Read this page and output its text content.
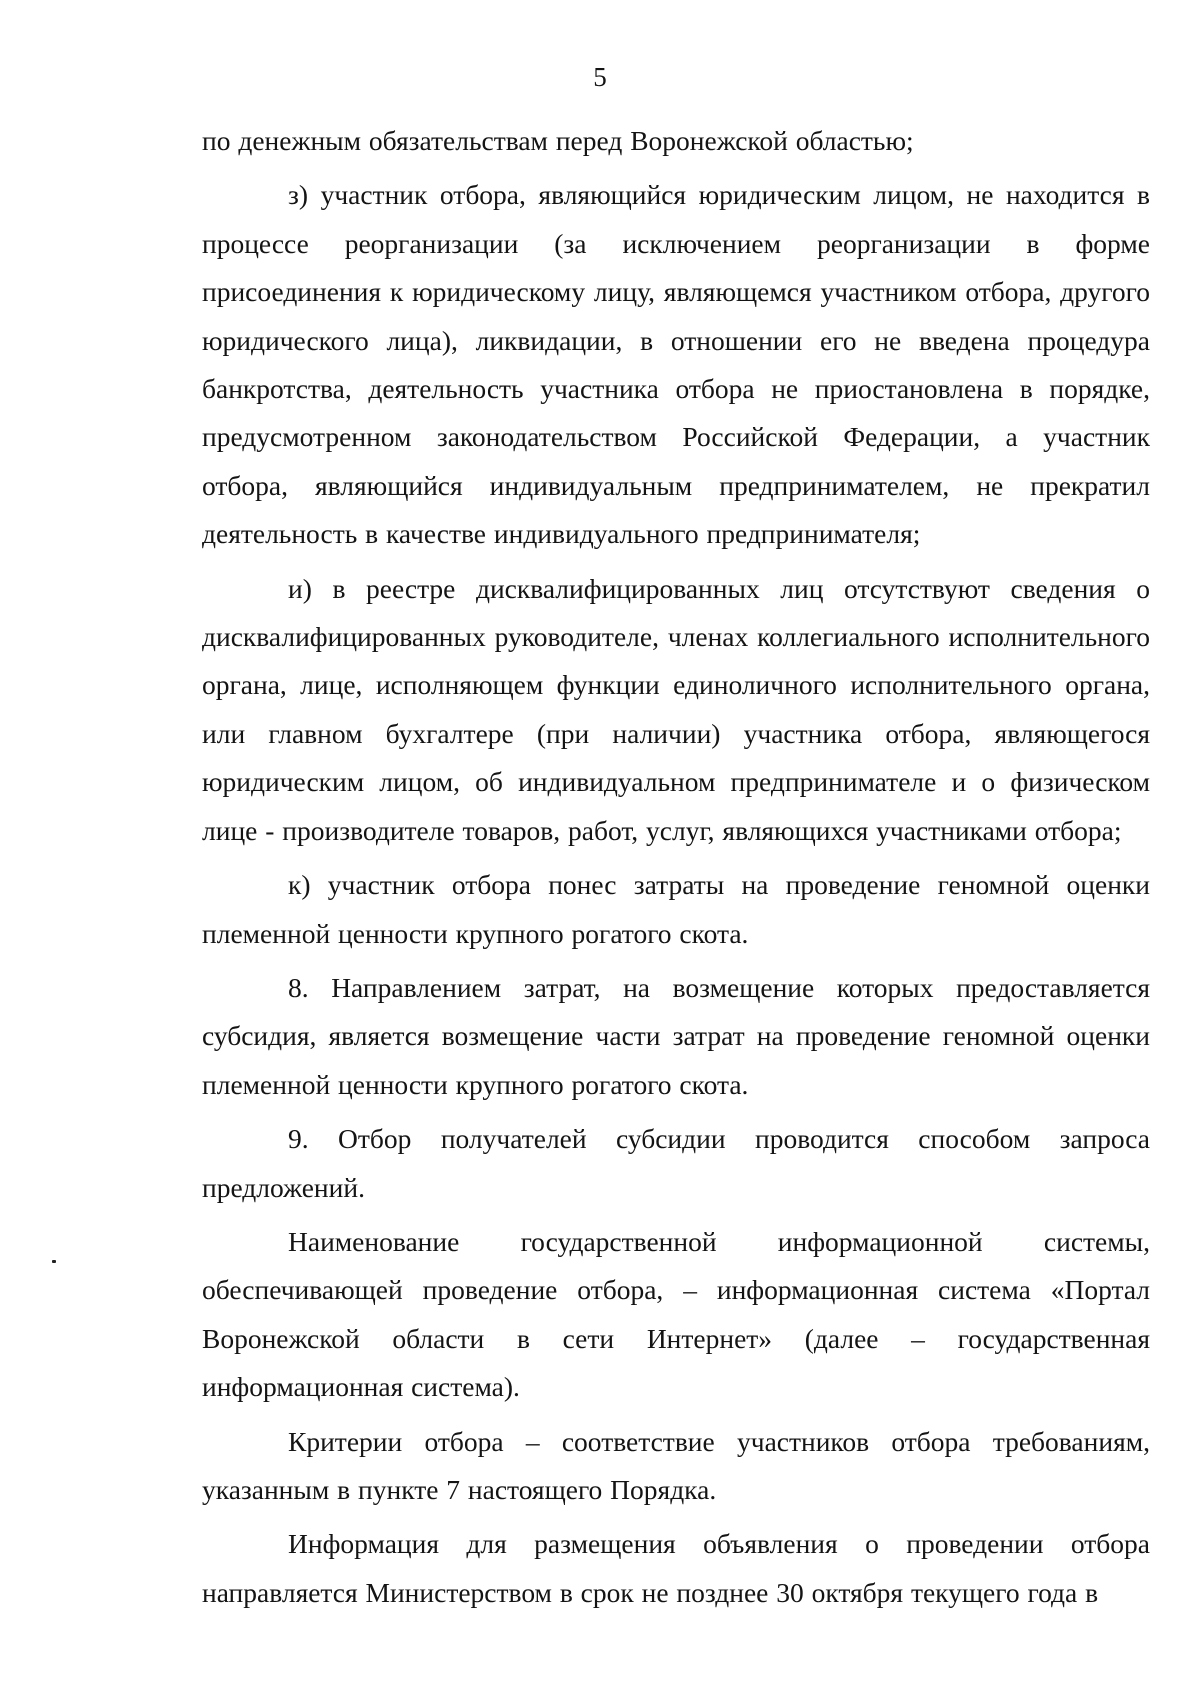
5

по денежным обязательствам перед Воронежской областью;

з) участник отбора, являющийся юридическим лицом, не находится в процессе реорганизации (за исключением реорганизации в форме присоединения к юридическому лицу, являющемся участником отбора, другого юридического лица), ликвидации, в отношении его не введена процедура банкротства, деятельность участника отбора не приостановлена в порядке, предусмотренном законодательством Российской Федерации, а участник отбора, являющийся индивидуальным предпринимателем, не прекратил деятельность в качестве индивидуального предпринимателя;

и) в реестре дисквалифицированных лиц отсутствуют сведения о дисквалифицированных руководителе, членах коллегиального исполнительного органа, лице, исполняющем функции единоличного исполнительного органа, или главном бухгалтере (при наличии) участника отбора, являющегося юридическим лицом, об индивидуальном предпринимателе и о физическом лице - производителе товаров, работ, услуг, являющихся участниками отбора;

к) участник отбора понес затраты на проведение геномной оценки племенной ценности крупного рогатого скота.

8. Направлением затрат, на возмещение которых предоставляется субсидия, является возмещение части затрат на проведение геномной оценки племенной ценности крупного рогатого скота.

9. Отбор получателей субсидии проводится способом запроса предложений.

Наименование государственной информационной системы, обеспечивающей проведение отбора, – информационная система «Портал Воронежской области в сети Интернет» (далее – государственная информационная система).

Критерии отбора – соответствие участников отбора требованиям, указанным в пункте 7 настоящего Порядка.

Информация для размещения объявления о проведении отбора направляется Министерством в срок не позднее 30 октября текущего года в
